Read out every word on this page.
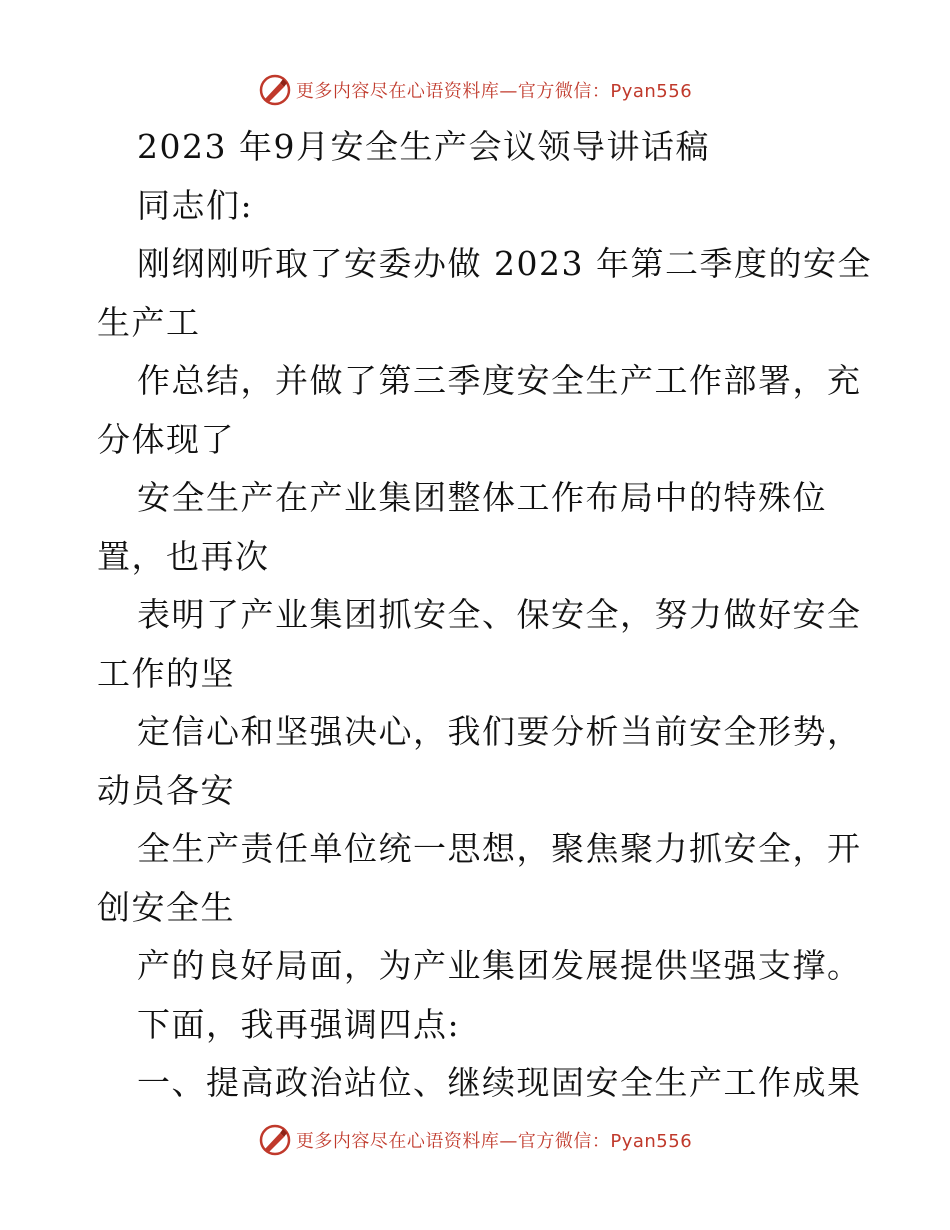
更多内容尽在心语资料库—官方微信：Pyan556
2023 年9月安全生产会议领导讲话稿
同志们:
刚纲刚听取了安委办做 2023 年第二季度的安全
生产工
作总结，并做了第三季度安全生产工作部署，充
分体现了
安全生产在产业集团整体工作布局中的特殊位
置，也再次
表明了产业集团抓安全、保安全，努力做好安全
工作的坚
定信心和坚强决心，我们要分析当前安全形势，
动员各安
全生产责任单位统一思想，聚焦聚力抓安全，开
创安全生
产的良好局面，为产业集团发展提供坚强支撑。
下面，我再强调四点:
一、提高政治站位、继续现固安全生产工作成果
更多内容尽在心语资料库—官方微信：Pyan556
